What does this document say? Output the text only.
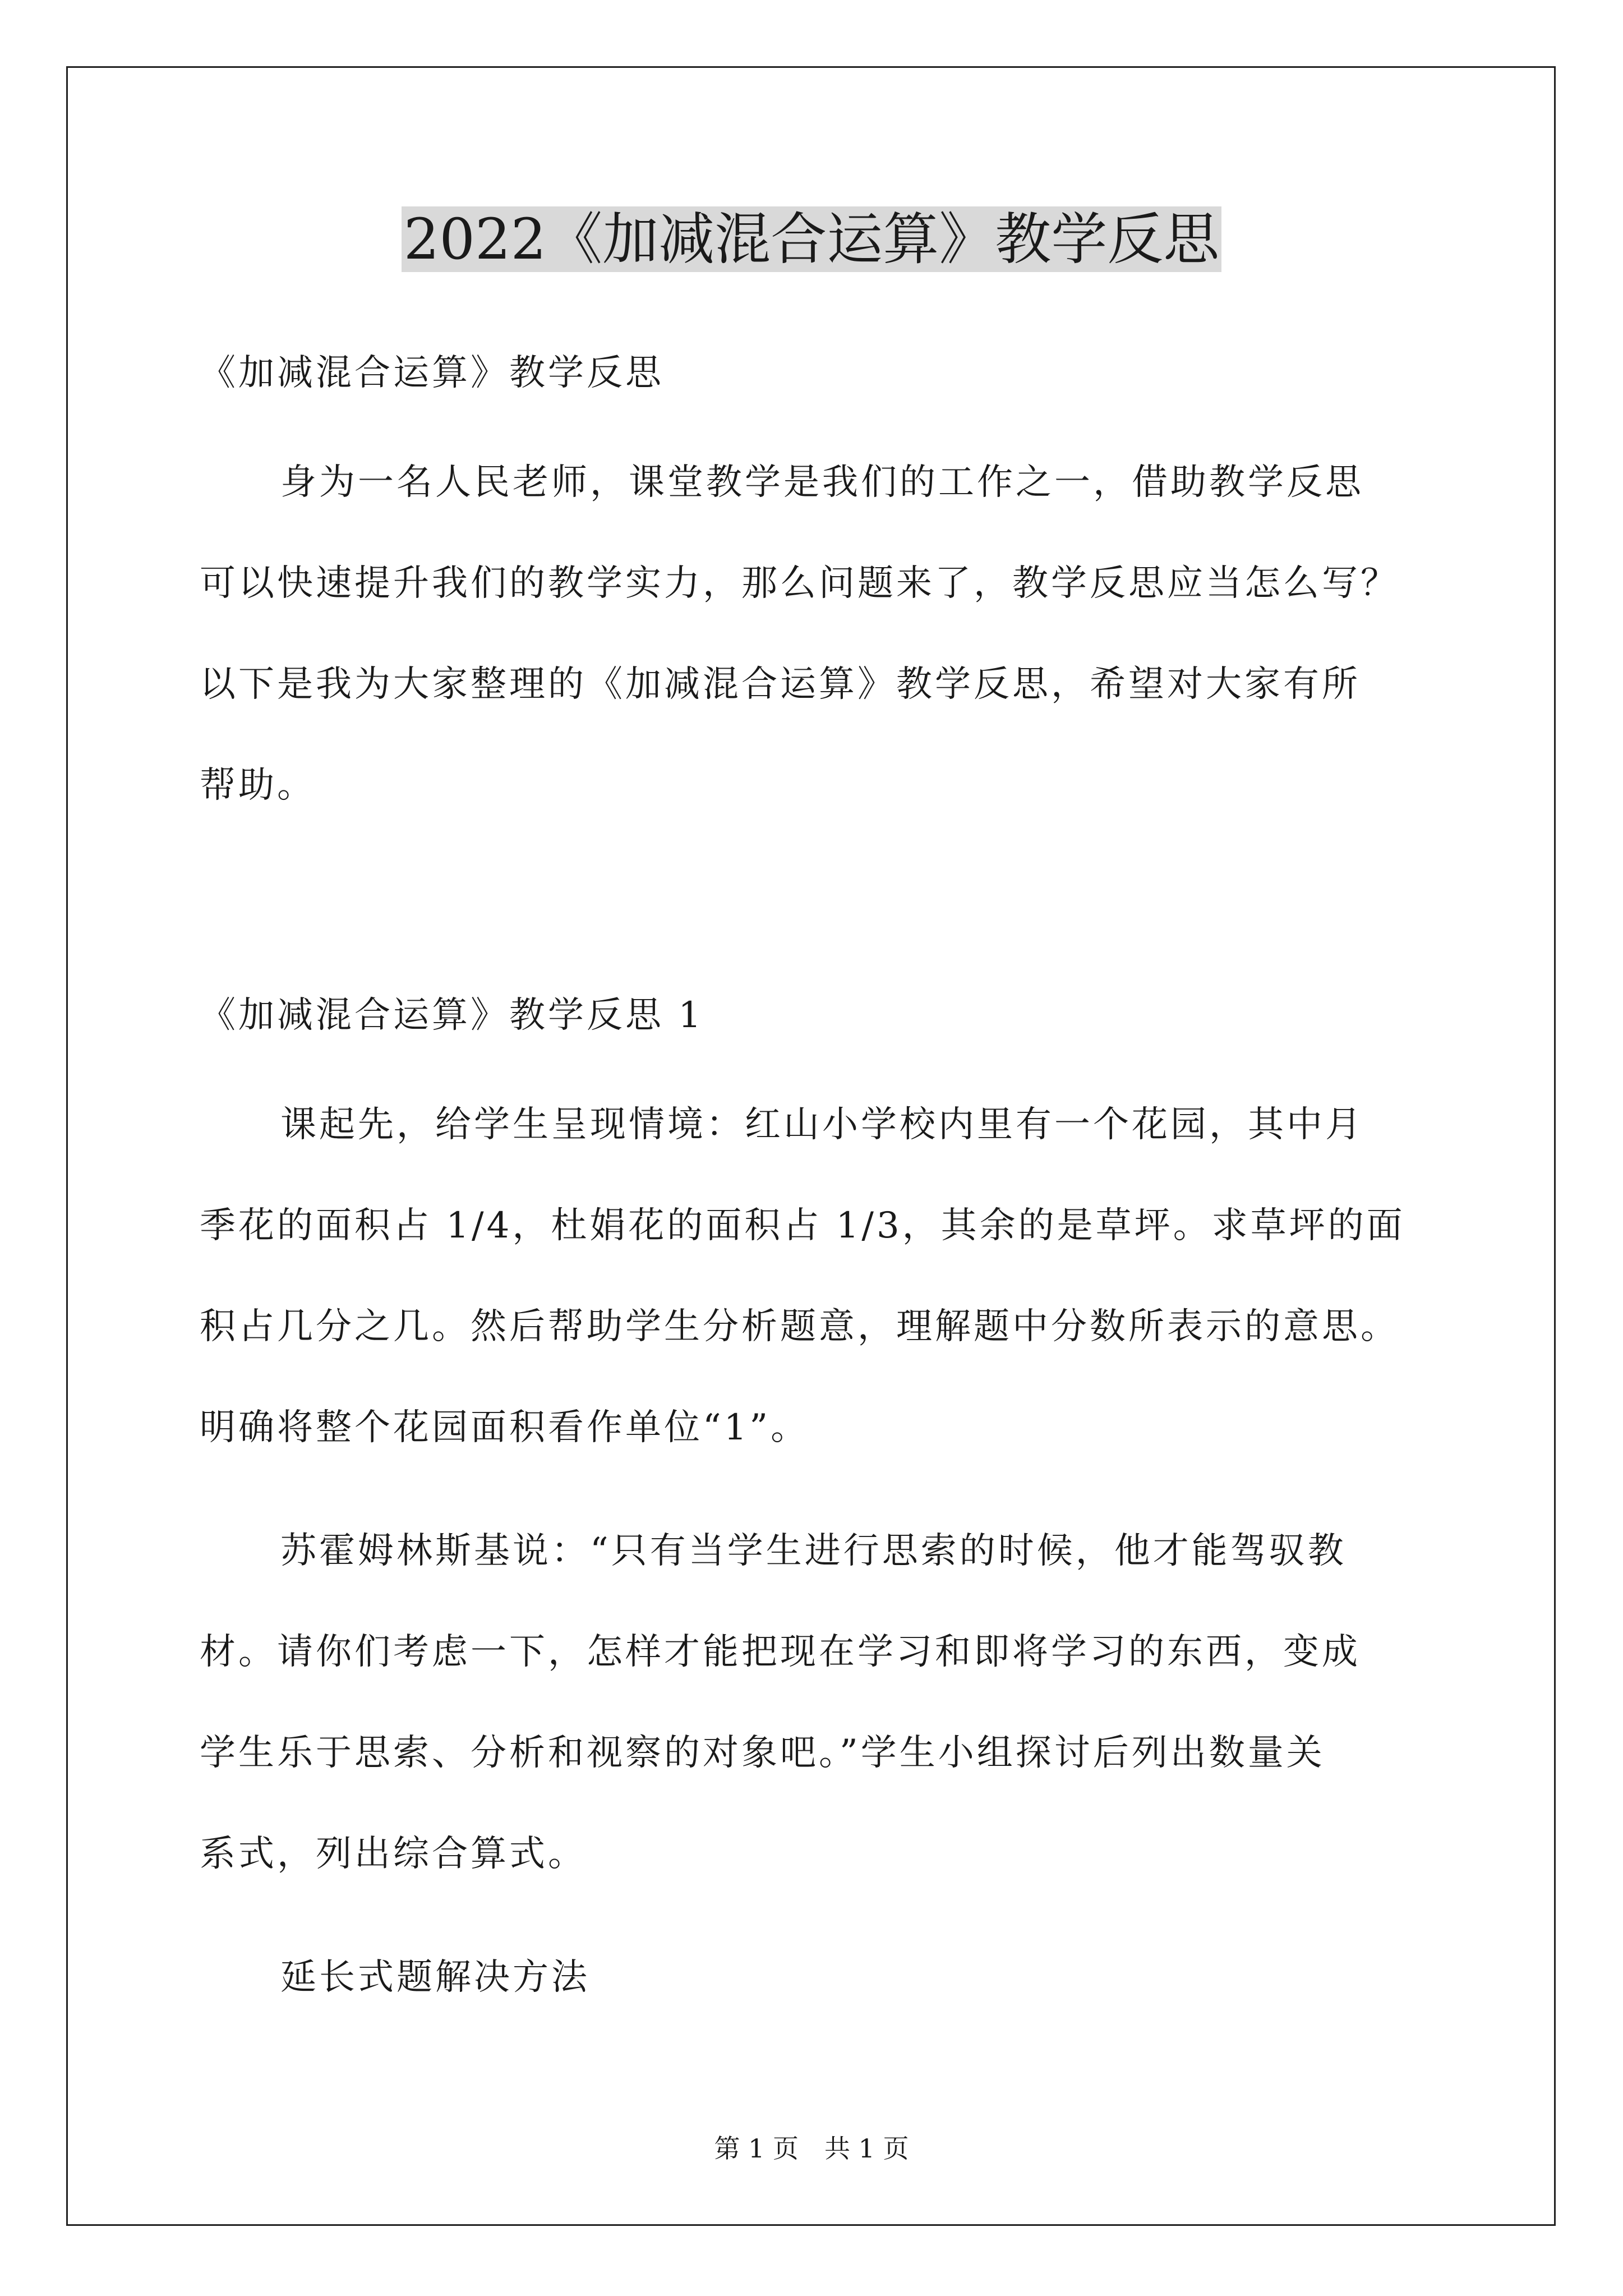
2022《加减混合运算》教学反思
《加减混合运算》教学反思
身为一名人民老师，课堂教学是我们的工作之一，借助教学反思
可以快速提升我们的教学实力，那么问题来了，教学反思应当怎么写？
以下是我为大家整理的《加减混合运算》教学反思，希望对大家有所
帮助。
《加减混合运算》教学反思 1
课起先，给学生呈现情境：红山小学校内里有一个花园，其中月
季花的面积占 1/4，杜娟花的面积占 1/3，其余的是草坪。求草坪的面
积占几分之几。然后帮助学生分析题意，理解题中分数所表示的意思。
明确将整个花园面积看作单位“1”。
苏霍姆林斯基说：“只有当学生进行思索的时候，他才能驾驭教
材。请你们考虑一下，怎样才能把现在学习和即将学习的东西，变成
学生乐于思索、分析和视察的对象吧。”学生小组探讨后列出数量关
系式，列出综合算式。
延长式题解决方法
第 1 页　共 1 页
